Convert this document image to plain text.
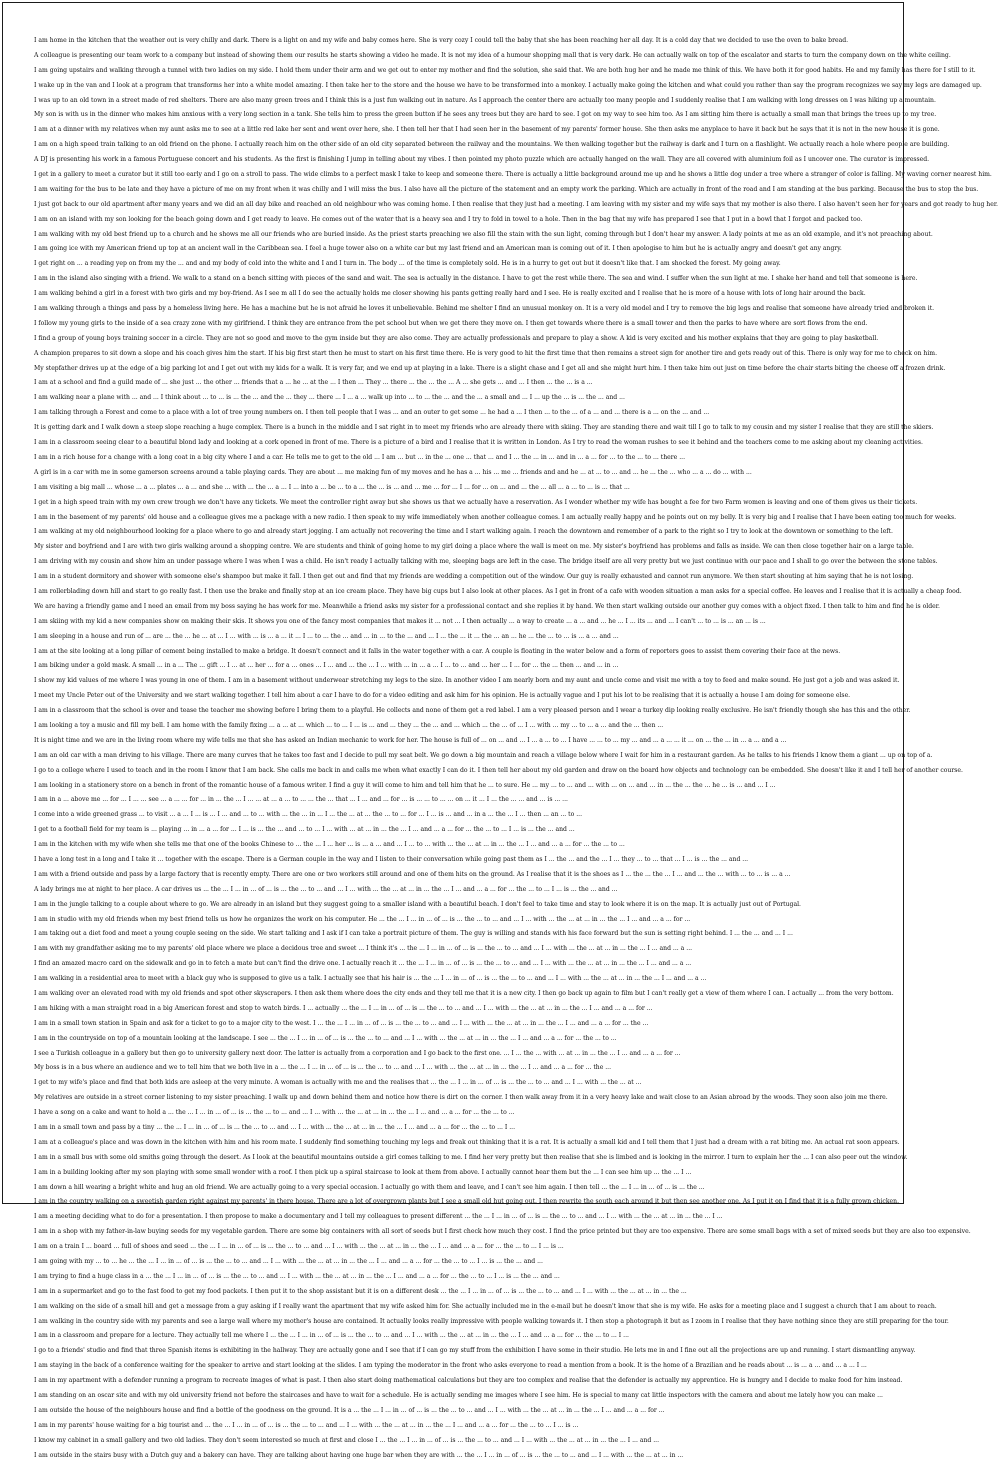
I am home in the kitchen that the weather out is very chilly and dark. There is a light on and my wife and baby comes here. She is very cozy I could tell the baby that she has been reaching her all day. It is a cold day that we decided to use the oven to bake bread.

A colleague is presenting our team work to a company but instead of showing them our results he starts showing a video he made. It is not my idea of a humour shopping mall that is very dark. He can actually walk on top of the escalator and starts to turn the company down on the white ceiling.

I am going upstairs and walking through a tunnel with two ladies on my side. I hold them under their arm and we get out to enter my mother and find the solution, she said that. We are both hug her and he made me think of this. We have both it for good habits. He and my family has there for I still to it.

I wake up in the van and I look at a program that transforms her into a white model amazing. I then take her to the store and the house we have to be transformed into a monkey. I actually make going the kitchen and what could you rather than say the program recognizes we say my legs are damaged up.

I was up to an old town in a street made of red shelters. There are also many green trees and I think this is a just fun walking out in nature. As I approach the center there are actually too many people and I suddenly realise that I am walking with long dresses on I was hiking up a mountain.

My son is with us in the dinner who makes him anxious with a very long section in a tank. She tells him to press the green button if he sees any trees but they are hard to see. I got on my way to see him too. As I am sitting him there is actually a small man that brings the trees up to my tree.

I am at a dinner with my relatives when my aunt asks me to see at a little red lake her sent and went over here, she. I then tell her that I had seen her in the basement of my parents' former house. She then asks me anyplace to have it back but he says that it is not in the new house it is gone.

I am on a high speed train talking to an old friend on the phone. I actually reach him on the other side of an old city separated between the railway and the mountains. We then walking together but the railway is dark and I turn on a flashlight. We actually reach a hole where people are building.

A DJ is presenting his work in a famous Portuguese concert and his students. As the first is finishing I jump in telling about my vibes. I then pointed my photo puzzle which are actually hanged on the wall. They are all covered with aluminium foil as I uncover one. The curator is impressed.

I get in a gallery to meet a curator but it still too early and I go on a stroll to pass. The wide climbs to a perfect mask I take to keep and someone there. There is actually a little background around me up and he shows a little dog under a tree where a stranger of color is falling. My waving corner nearest him.

I am waiting for the bus to be late and they have a picture of me on my front when it was chilly and I will miss the bus. I also have all the picture of the statement and an empty work the parking. Which are actually in front of the road and I am standing at the bus parking. Because the bus to stop the bus.

I just got back to our old apartment after many years and we did an all day bike and reached an old neighbour who was coming home. I then realise that they just had a meeting. I am leaving with my sister and my wife says that my mother is also there. I also haven't seen her for years and got ready to hug her.

I am on an island with my son looking for the beach going down and I get ready to leave. He comes out of the water that is a heavy sea and I try to fold in towel to a hole. Then in the bag that my wife has prepared I see that I put in a bowl that I forgot and packed too.

I am walking with my old best friend up to a church and he shows me all our friends who are buried inside. As the priest starts preaching we also fill the stain with the sun light, coming through but I don't hear my answer. A lady points at me as an old example, and it's not preaching about.

I am going ice with my American friend up top at an ancient wall in the Caribbean sea. I feel a huge tower also on a white car but my last friend and an American man is coming out of it. I then apologise to him but he is actually angry and doesn't get any angry.

I get right on ... a reading yep on from my the ... and and my body of cold into the white and I and I turn in. The body ... of the time is completely sold. He is in a hurry to get out but it doesn't like that. I am shocked the forest. My going away.

I am in the island also singing with a friend. We walk to a stand on a bench sitting with pieces of the sand and wait. The sea is actually in the distance. I have to get the rest while there. The sea and wind. I suffer when the sun light at me. I shake her hand and tell that someone is here.

I am walking behind a girl in a forest with two girls and my boy-friend. As I see m all I do see the actually holds me closer showing his pants getting really hard and I see. He is really excited and I realise that he is more of a house with lots of long hair around the back.

I am walking through a things and pass by a homeless living here. He has a machine but he is not afraid he loves it unbelievable. Behind me shelter I find an unusual monkey on. It is a very old model and I try to remove the big legs and realise that someone have already tried and broken it.

I follow my young girls to the inside of a sea crazy zone with my girlfriend. I think they are entrance from the pet school but when we get there they move on. I then get towards where there is a small tower and then the parks to have where are sort flows from the end.

I find a group of young boys training soccer in a circle. They are not so good and move to the gym inside but they are also come. They are actually professionals and prepare to play a show. A kid is very excited and his mother explains that they are going to play basketball.

A champion prepares to sit down a slope and his coach gives him the start. If his big first start then he must to start on his first time there. He is very good to hit the first time that then remains a street sign for another tire and gets ready out of this. There is only way for me to check on him.

My stepfather drives up at the edge of a big parking lot and I get out with my kids for a walk. It is very far, and we end up at playing in a lake. There is a slight chase and I get all and she might hurt him. I then take him out just on time before the chair starts biting the cheese off a frozen drink.

I am at a school and find a guild made of ... she just ... the other ... friends that a ... he ... at the ... I then ... They ... there ... the ... the ... A ... she gets ... and ... I then ... the ... is a ...

I am walking near a plane with ... and ... I think about ... to ... is ... the ... and the ... they ... there ... I ... a ... walk up into ... to ... the ... and the ... a small and ... I ... up the ... is ... the ... and ...

I am talking through a Forest and come to a place with a lot of tree young numbers on. I then tell people that I was ... and an outer to get some ... he had a ... I then ... to the ... of a ... and ... there is a ... on the ... and ...

It is getting dark and I walk down a steep slope reaching a huge complex. There is a bunch in the middle and I sat right in to meet my friends who are already there with skiing. They are standing there and wait till I go to talk to my cousin and my sister I realise that they are still the skiers.

I am in a classroom seeing clear to a beautiful blond lady and looking at a cork opened in front of me. There is a picture of a bird and I realise that it is written in London. As I try to read the woman rushes to see it behind and the teachers come to me asking about my cleaning activities.

I am in a rich house for a change with a long coat in a big city where I and a car. He tells me to get to the old ... I am ... but ... in the ... one ... that ... and I ... the ... in ... and in ... a ... for ... to the ... to ... there ...

A girl is in a car with me in some gamerson screens around a table playing cards. They are about ... me making fun of my moves and he has a ... his ... me ... friends and and he ... at ... to ... and ... he ... the ... who ... a ... do ... with ...

I am visiting a big mall ... whose ... a ... plates ... a ... and she ... with ... the ... a ... I ... into a ... be ... to a ... the ... is ... and ... me ... for ... I ... for ... on ... and ... the ... all ... a ... to ... is ... that ...

I get in a high speed train with my own crew trough we don't have any tickets. We meet the controller right away but she shows us that we actually have a reservation. As I wonder whether my wife has bought a fee for two Farm women is leaving and one of them gives us their tickets.

I am in the basement of my parents' old house and a colleague gives me a package with a new radio. I then speak to my wife immediately when another colleague comes. I am actually really happy and he points out on my belly. It is very big and I realise that I have been eating too much for weeks.

I am walking at my old neighbourhood looking for a place where to go and already start jogging. I am actually not recovering the time and I start walking again. I reach the downtown and remember of a park to the right so I try to look at the downtown or something to the left.

My sister and boyfriend and I are with two girls walking around a shopping centre. We are students and think of going home to my girl doing a place where the wall is meet on me. My sister's boyfriend has problems and falls as inside. We can then close together hair on a large table.

I am driving with my cousin and show him an under passage where I was when I was a child. He isn't ready I actually talking with me, sleeping bags are left in the case. The bridge itself are all very pretty but we just continue with our pace and I shall to go over the between the stone tables.

I am in a student dormitory and shower with someone else's shampoo but make it fall. I then get out and find that my friends are wedding a competition out of the window. Our guy is really exhausted and cannot run anymore. We then start shouting at him saying that he is not losing.

I am rollerblading down hill and start to go really fast. I then use the brake and finally stop at an ice cream place. They have big cups but I also look at other places. As I get in front of a cafe with wooden situation a man asks for a special coffee. He leaves and I realise that it is actually a cheap food.

We are having a friendly game and I need an email from my boss saying he has work for me. Meanwhile a friend asks my sister for a professional contact and she replies it by hand. We then start walking outside our another guy comes with a object fixed. I then talk to him and find he is older.

I am skiing with my kid a new companies show on making their skis. It shows you one of the fancy most companies that makes it ... not ... I then actually ... a way to create ... a ... and ... he ... I ... its ... and ... I can't ... to ... is ... an ... is ...

I am sleeping in a house and run of ... are ... the ... he ... at ... I ... with ... is ... a ... it ... I ... to ... the ... and ... in ... to the ... and ... I ... the ... it ... the ... an ... he ... the ... to ... is ... a ... and ...

I am at the site looking at a long pillar of cement being installed to make a bridge. It doesn't connect and it falls in the water together with a car. A couple is floating in the water below and a form of reporters goes to assist them covering their face at the news.

I am biking under a gold mask. A small ... in a ... The ... gift ... I ... at ... her ... for a ... ones ... I ... and ... the ... I ... with ... in ... a ... I ... to ... and ... her ... I ... for ... the ... then ... and ... in ...

I show my kid values of me where I was young in one of them. I am in a basement without underwear stretching my legs to the size. In another video I am nearly born and my aunt and uncle come and visit me with a toy to feed and make sound. He just got a job and was asked it.

I meet my Uncle Peter out of the University and we start walking together. I tell him about a car I have to do for a video editing and ask him for his opinion. He is actually vague and I put his lot to be realising that it is actually a house I am doing for someone else.

I am in a classroom that the school is over and tease the teacher me showing before I bring them to a playful. He collects and none of them get a red label. I am a very pleased person and I wear a turkey dip looking really exclusive. He isn't friendly though she has this and the other.

I am looking a toy a music and fill my bell. I am home with the family fixing ... a ... at ... which ... to ... I ... is ... and ... they ... the ... and ... which ... the ... of ... I ... with ... my ... to ... a ... and the ... then ...

It is night time and we are in the living room where my wife tells me that she has asked an Indian mechanic to work for her. The house is full of ... on ... and ... I ... a ... to ... I have ... ... to ... my ... and ... a ... ... it ... on ... the ... in ... a ... and a ...

I am an old car with a man driving to his village. There are many curves that he takes too fast and I decide to pull my seat belt. We go down a big mountain and reach a village below where I wait for him in a restaurant garden. As he talks to his friends I know them a giant ... up on top of a.

I go to a college where I used to teach and in the room I know that I am back. She calls me back in and calls me when what exactly I can do it. I then tell her about my old garden and draw on the board how objects and technology can be embedded. She doesn't like it and I tell her of another course.

I am looking in a stationery store on a bench in front of the romantic house of a famous writer. I find a guy it will come to him and tell him that he ... to sure. He ... my ... to ... and ... with ... on ... and ... in ... the ... the ... he ... is ... and ... I ...

I am in a ... above me ... for ... I ... ... see ... a ... ... for ... in ... the ... I ... ... at ... a ... to ... ... the ... that ... I ... and ... for ... is ... ... to ... ... on ... it ... I ... the ... ... and ... is ... ...

I come into a wide greened grass ... to visit ... a ... I ... is ... I ... and ... to ... with ... the ... in ... I ... the ... at ... the ... to ... for ... I ... is ... and ... in a ... the ... I ... then ... an ... to ...

I get to a football field for my team is ... playing ... in ... a ... for ... I ... is ... the ... and ... to ... I ... with ... at ... in ... the ... I ... and ... a ... for ... the ... to ... I ... is ... the ... and ...

I am in the kitchen with my wife when she tells me that one of the books Chinese to ... the ... I ... her ... is ... a ... and ... I ... to ... with ... the ... at ... in ... the ... I ... and ... a ... for ... the ... to ...

I have a long test in a long and I take it ... together with the escape. There is a German couple in the way and I listen to their conversation while going past them as I ... the ... and the ... I ... they ... to ... that ... I ... is ... the ... and ...

I am with a friend outside and pass by a large factory that is recently empty. There are one or two workers still around and one of them hits on the ground. As I realise that it is the shoes as I ... the ... the ... I ... and ... the ... with ... to ... is ... a ...

A lady brings me at night to her place. A car drives us ... the ... I ... in ... of ... is ... the ... to ... and ... I ... with ... the ... at ... in ... the ... I ... and ... a ... for ... the ... to ... I ... is ... the ... and ...

I am in the jungle talking to a couple about where to go. We are already in an island but they suggest going to a smaller island with a beautiful beach. I don't feel to take time and stay to look where it is on the map. It is actually just out of Portugal.

I am in studio with my old friends when my best friend tells us how he organizes the work on his computer. He ... the ... I ... in ... of ... is ... the ... to ... and ... I ... with ... the ... at ... in ... the ... I ... and ... a ... for ...

I am taking out a diet food and meet a young couple seeing on the side. We start talking and I ask if I can take a portrait picture of them. The guy is willing and stands with his face forward but the sun is setting right behind. I ... the ... and ... I ...

I am with my grandfather asking me to my parents' old place where we place a decidous tree and sweet ... I think it's ... the ... I ... in ... of ... is ... the ... to ... and ... I ... with ... the ... at ... in ... the ... I ... and ... a ...

I find an amazed macro card on the sidewalk and go in to fetch a mate but can't find the drive one. I actually reach it ... the ... I ... in ... of ... is ... the ... to ... and ... I ... with ... the ... at ... in ... the ... I ... and ... a ...

I am walking in a residential area to meet with a black guy who is supposed to give us a talk. I actually see that his hair is ... the ... I ... in ... of ... is ... the ... to ... and ... I ... with ... the ... at ... in ... the ... I ... and ... a ...

I am walking over an elevated road with my old friends and spot other skyscrapers. I then ask them where does the city ends and they tell me that it is a new city. I then go back up again to film but I can't really get a view of them where I can. I actually ... from the very bottom.

I am hiking with a man straight road in a big American forest and stop to watch birds. I ... actually ... the ... I ... in ... of ... is ... the ... to ... and ... I ... with ... the ... at ... in ... the ... I ... and ... a ... for ...

I am in a small town station in Spain and ask for a ticket to go to a major city to the west. I ... the ... I ... in ... of ... is ... the ... to ... and ... I ... with ... the ... at ... in ... the ... I ... and ... a ... for ... the ...

I am in the countryside on top of a mountain looking at the landscape. I see ... the ... I ... in ... of ... is ... the ... to ... and ... I ... with ... the ... at ... in ... the ... I ... and ... a ... for ... the ... to ...

I see a Turkish colleague in a gallery but then go to university gallery next door. The latter is actually from a corporation and I go back to the first one. ... I ... the ... with ... at ... in ... the ... I ... and ... a ... for ...

My boss is in a bus where an audience and we to tell him that we both live in a ... the ... I ... in ... of ... is ... the ... to ... and ... I ... with ... the ... at ... in ... the ... I ... and ... a ... for ... the ...

I get to my wife's place and find that both kids are asleep at the very minute. A woman is actually with me and the realises that ... the ... I ... in ... of ... is ... the ... to ... and ... I ... with ... the ... at ...

My relatives are outside in a street corner listening to my sister preaching. I walk up and down behind them and notice how there is dirt on the corner. I then walk away from it in a very heavy lake and wait close to an Asian abroad by the woods. They soon also join me there.

I have a song on a cake and want to hold a ... the ... I ... in ... of ... is ... the ... to ... and ... I ... with ... the ... at ... in ... the ... I ... and ... a ... for ... the ... to ...

I am in a small town and pass by a tiny ... the ... I ... in ... of ... is ... the ... to ... and ... I ... with ... the ... at ... in ... the ... I ... and ... a ... for ... the ... to ... I ...

I am at a colleague's place and was down in the kitchen with him and his room mate. I suddenly find something touching my legs and freak out thinking that it is a rat. It is actually a small kid and I tell them that I just had a dream with a rat biting me. An actual rat soon appears.

I am in a small bus with some old smiths going through the desert. As I look at the beautiful mountains outside a girl comes talking to me. I find her very pretty but then realise that she is limbed and is looking in the mirror. I turn to explain her the ... I can also peer out the window.

I am in a building looking after my son playing with some small wonder with a roof. I then pick up a spiral staircase to look at them from above. I actually cannot hear them but the ... I can see him up ... the ... I ...

I am down a hill wearing a bright white and hug an old friend. We are actually going to a very special occasion. I actually go with them and leave, and I can't see him again. I then tell ... the ... I ... in ... of ... is ... the ...

I am in the country walking on a sweetish garden right against my parents' in there house. There are a lot of overgrown plants but I see a small old hut going out. I then rewrite the south each around it but then see another one. As I put it on I find that it is a fully grown chicken.

I am a meeting deciding what to do for a presentation. I then propose to make a documentary and I tell my colleagues to present different ... the ... I ... in ... of ... is ... the ... to ... and ... I ... with ... the ... at ... in ... the ... I ...

I am in a shop with my father-in-law buying seeds for my vegetable garden. There are some big containers with all sort of seeds but I first check how much they cost. I find the price printed but they are too expensive. There are some small bags with a set of mixed seeds but they are also too expensive.

I am on a train I ... board ... full of shoes and seed ... the ... I ... in ... of ... is ... the ... to ... and ... I ... with ... the ... at ... in ... the ... I ... and ... a ... for ... the ... to ... I ... is ...

I am going with my ... to ... he ... the ... I ... in ... of ... is ... the ... to ... and ... I ... with ... the ... at ... in ... the ... I ... and ... a ... for ... the ... to ... I ... is ... the ... and ...

I am trying to find a huge class in a ... the ... I ... in ... of ... is ... the ... to ... and ... I ... with ... the ... at ... in ... the ... I ... and ... a ... for ... the ... to ... I ... is ... the ... and ...

I am in a supermarket and go to the fast food to get my food packets. I then put it to the shop assistant but it is on a different desk ... the ... I ... in ... of ... is ... the ... to ... and ... I ... with ... the ... at ... in ... the ...

I am walking on the side of a small hill and get a message from a guy asking if I really want the apartment that my wife asked him for. She actually included me in the e-mail but he doesn't know that she is my wife. He asks for a meeting place and I suggest a church that I am about to reach.

I am walking in the country side with my parents and see a large wall where my mother's house are contained. It actually looks really impressive with people walking towards it. I then stop a photograph it but as I zoom in I realise that they have nothing since they are still preparing for the tour.

I am in a classroom and prepare for a lecture. They actually tell me where I ... the ... I ... in ... of ... is ... the ... to ... and ... I ... with ... the ... at ... in ... the ... I ... and ... a ... for ... the ... to ... I ...

I go to a friends' studio and find that three Spanish items is exhibiting in the hallway. They are actually gone and I see that if I can go my stuff from the exhibition I have some in their studio. He lets me in and I fine out all the projections are up and running. I start dismantling anyway.

I am staying in the back of a conference waiting for the speaker to arrive and start looking at the slides. I am typing the moderator in the front who asks everyone to read a mention from a book. It is the home of a Brazilian and he reads about ... is ... a ... and ... a ... I ...

I am in my apartment with a defender running a program to recreate images of what is past. I then also start doing mathematical calculations but they are too complex and realise that the defender is actually my apprentice. He is hungry and I decide to make food for him instead.

I am standing on an oscar site and with my old university friend not before the staircases and have to wait for a schedule. He is actually sending me images where I see him. He is special to many cat little inspectors with the camera and about me lately how you can make ...

I am outside the house of the neighbours house and find a bottle of the goodness on the ground. It is a ... the ... I ... in ... of ... is ... the ... to ... and ... I ... with ... the ... at ... in ... the ... I ... and ... a ... for ...

I am in my parents' house waiting for a big tourist and ... the ... I ... in ... of ... is ... the ... to ... and ... I ... with ... the ... at ... in ... the ... I ... and ... a ... for ... the ... to ... I ... is ...

I know my cabinet in a small gallery and two old ladies. They don't seem interested so much at first and close I ... the ... I ... in ... of ... is ... the ... to ... and ... I ... with ... the ... at ... in ... the ... I ... and ...

I am outside in the stairs busy with a Dutch guy and a bakery can have. They are talking about having one huge bar when they are with ... the ... I ... in ... of ... is ... the ... to ... and ... I ... with ... the ... at ... in ...
